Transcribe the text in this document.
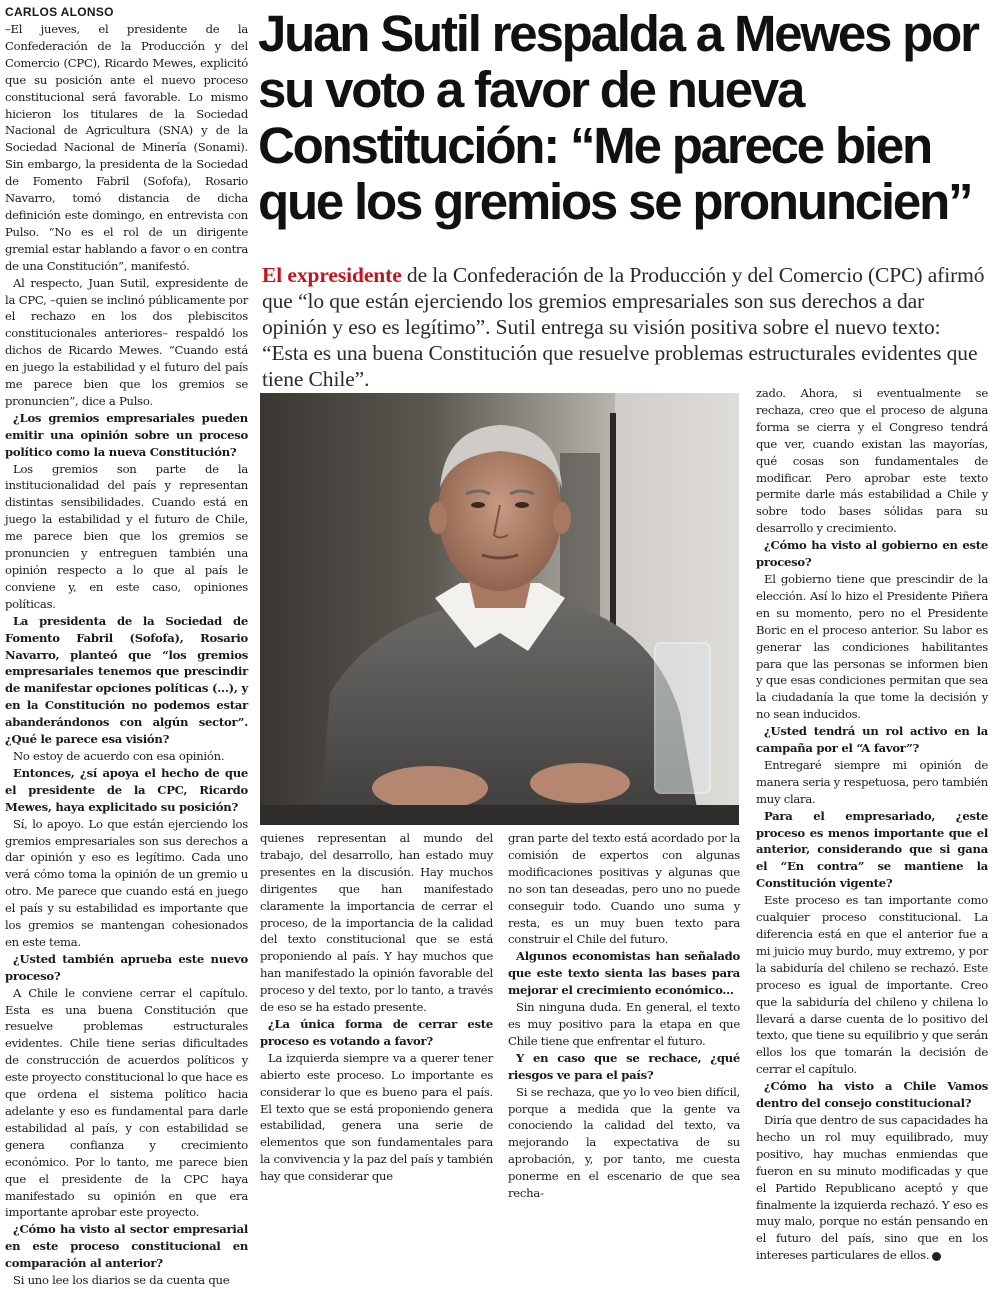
CARLOS ALONSO

–El jueves, el presidente de la Confederación de la Producción y del Comercio (CPC), Ricardo Mewes, explicitó que su posición ante el nuevo proceso constitucional será favorable. Lo mismo hicieron los titulares de la Sociedad Nacional de Agricultura (SNA) y de la Sociedad Nacional de Minería (Sonami). Sin embargo, la presidenta de la Sociedad de Fomento Fabril (Sofofa), Rosario Navarro, tomó distancia de dicha definición este domingo, en entrevista con Pulso. “No es el rol de un dirigente gremial estar hablando a favor o en contra de una Constitución”, manifestó.

Al respecto, Juan Sutil, expresidente de la CPC, –quien se inclinó públicamente por el rechazo en los dos plebiscitos constitucionales anteriores– respaldó los dichos de Ricardo Mewes. “Cuando está en juego la estabilidad y el futuro del país me parece bien que los gremios se pronuncien”, dice a Pulso.

¿Los gremios empresariales pueden emitir una opinión sobre un proceso político como la nueva Constitución?

Los gremios son parte de la institucionalidad del país y representan distintas sensibilidades. Cuando está en juego la estabilidad y el futuro de Chile, me parece bien que los gremios se pronuncien y entreguen también una opinión respecto a lo que al país le conviene y, en este caso, opiniones políticas.

La presidenta de la Sociedad de Fomento Fabril (Sofofa), Rosario Navarro, planteó que “los gremios empresariales tenemos que prescindir de manifestar opciones políticas (...), y en la Constitución no podemos estar abanderándonos con algún sector”. ¿Qué le parece esa visión?

No estoy de acuerdo con esa opinión.

Entonces, ¿sí apoya el hecho de que el presidente de la CPC, Ricardo Mewes, haya explicitado su posición?

Sí, lo apoyo. Lo que están ejerciendo los gremios empresariales son sus derechos a dar opinión y eso es legítimo. Cada uno verá cómo toma la opinión de un gremio u otro. Me parece que cuando está en juego el país y su estabilidad es importante que los gremios se mantengan cohesionados en este tema.

¿Usted también aprueba este nuevo proceso?

A Chile le conviene cerrar el capítulo. Esta es una buena Constitución que resuelve problemas estructurales evidentes. Chile tiene serias dificultades de construcción de acuerdos políticos y este proyecto constitucional lo que hace es que ordena el sistema político hacia adelante y eso es fundamental para darle estabilidad al país, y con estabilidad se genera confianza y crecimiento económico. Por lo tanto, me parece bien que el presidente de la CPC haya manifestado su opinión en que era importante aprobar este proyecto.

¿Cómo ha visto al sector empresarial en este proceso constitucional en comparación al anterior?

Si uno lee los diarios se da cuenta que

Juan Sutil respalda a Mewes por su voto a favor de nueva Constitución: “Me parece bien que los gremios se pronuncien”

El expresidente de la Confederación de la Producción y del Comercio (CPC) afirmó que “lo que están ejerciendo los gremios empresariales son sus derechos a dar opinión y eso es legítimo”. Sutil entrega su visión positiva sobre el nuevo texto: “Esta es una buena Constitución que resuelve problemas estructurales evidentes que tiene Chile”.

quienes representan al mundo del trabajo, del desarrollo, han estado muy presentes en la discusión. Hay muchos dirigentes que han manifestado claramente la importancia de cerrar el proceso, de la importancia de la calidad del texto constitucional que se está proponiendo al país. Y hay muchos que han manifestado la opinión favorable del proceso y del texto, por lo tanto, a través de eso se ha estado presente.

¿La única forma de cerrar este proceso es votando a favor?

La izquierda siempre va a querer tener abierto este proceso. Lo importante es considerar lo que es bueno para el país. El texto que se está proponiendo genera estabilidad, genera una serie de elementos que son fundamentales para la convivencia y la paz del país y también hay que considerar que

gran parte del texto está acordado por la comisión de expertos con algunas modificaciones positivas y algunas que no son tan deseadas, pero uno no puede conseguir todo. Cuando uno suma y resta, es un muy buen texto para construir el Chile del futuro.

Algunos economistas han señalado que este texto sienta las bases para mejorar el crecimiento económico...

Sin ninguna duda. En general, el texto es muy positivo para la etapa en que Chile tiene que enfrentar el futuro.

Y en caso que se rechace, ¿qué riesgos ve para el país?

Si se rechaza, que yo lo veo bien difícil, porque a medida que la gente va conociendo la calidad del texto, va mejorando la expectativa de su aprobación, y, por tanto, me cuesta ponerme en el escenario de que sea recha-

zado. Ahora, si eventualmente se rechaza, creo que el proceso de alguna forma se cierra y el Congreso tendrá que ver, cuando existan las mayorías, qué cosas son fundamentales de modificar. Pero aprobar este texto permite darle más estabilidad a Chile y sobre todo bases sólidas para su desarrollo y crecimiento.

¿Cómo ha visto al gobierno en este proceso?

El gobierno tiene que prescindir de la elección. Así lo hizo el Presidente Piñera en su momento, pero no el Presidente Boric en el proceso anterior. Su labor es generar las condiciones habilitantes para que las personas se informen bien y que esas condiciones permitan que sea la ciudadanía la que tome la decisión y no sean inducidos.

¿Usted tendrá un rol activo en la campaña por el “A favor”?

Entregaré siempre mi opinión de manera seria y respetuosa, pero también muy clara.

Para el empresariado, ¿este proceso es menos importante que el anterior, considerando que si gana el “En contra” se mantiene la Constitución vigente?

Este proceso es tan importante como cualquier proceso constitucional. La diferencia está en que el anterior fue a mi juicio muy burdo, muy extremo, y por la sabiduría del chileno se rechazó. Este proceso es igual de importante. Creo que la sabiduría del chileno y chilena lo llevará a darse cuenta de lo positivo del texto, que tiene su equilibrio y que serán ellos los que tomarán la decisión de cerrar el capítulo.

¿Cómo ha visto a Chile Vamos dentro del consejo constitucional?

Diría que dentro de sus capacidades ha hecho un rol muy equilibrado, muy positivo, hay muchas enmiendas que fueron en su minuto modificadas y que el Partido Republicano aceptó y que finalmente la izquierda rechazó. Y eso es muy malo, porque no están pensando en el futuro del país, sino que en los intereses particulares de ellos.
